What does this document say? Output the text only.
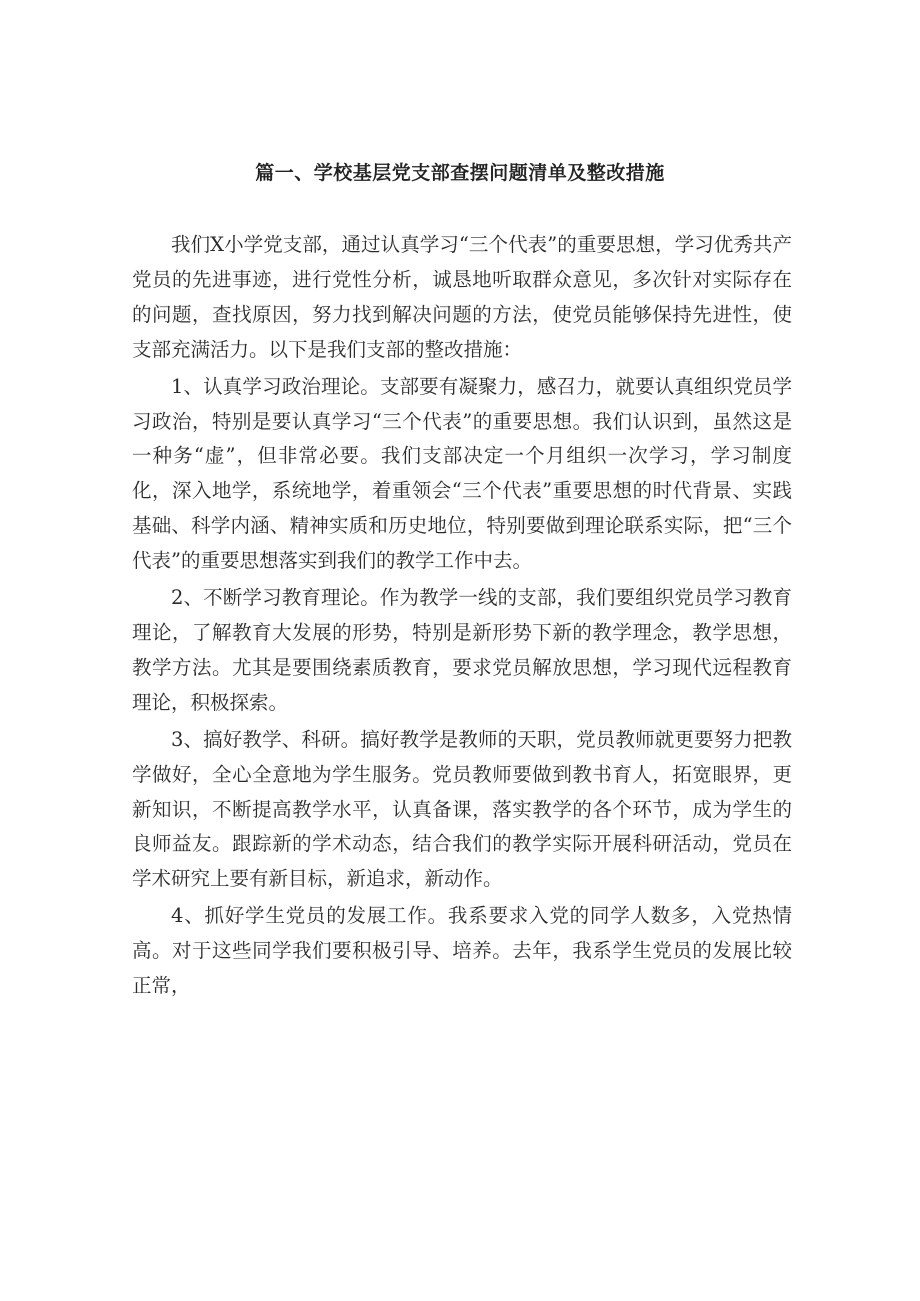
篇一、学校基层党支部查摆问题清单及整改措施

我们X小学党支部，通过认真学习“三个代表”的重要思想，学习优秀共产党员的先进事迹，进行党性分析，诚恳地听取群众意见，多次针对实际存在的问题，查找原因，努力找到解决问题的方法，使党员能够保持先进性，使支部充满活力。以下是我们支部的整改措施：

1、认真学习政治理论。支部要有凝聚力，感召力，就要认真组织党员学习政治，特别是要认真学习“三个代表”的重要思想。我们认识到，虽然这是一种务“虚”，但非常必要。我们支部决定一个月组织一次学习，学习制度化，深入地学，系统地学，着重领会“三个代表”重要思想的时代背景、实践基础、科学内涵、精神实质和历史地位，特别要做到理论联系实际，把“三个代表”的重要思想落实到我们的教学工作中去。

2、不断学习教育理论。作为教学一线的支部，我们要组织党员学习教育理论，了解教育大发展的形势，特别是新形势下新的教学理念，教学思想，教学方法。尤其是要围绕素质教育，要求党员解放思想，学习现代远程教育理论，积极探索。

3、搞好教学、科研。搞好教学是教师的天职，党员教师就更要努力把教学做好，全心全意地为学生服务。党员教师要做到教书育人，拓宽眼界，更新知识，不断提高教学水平，认真备课，落实教学的各个环节，成为学生的良师益友。跟踪新的学术动态，结合我们的教学实际开展科研活动，党员在学术研究上要有新目标，新追求，新动作。

4、抓好学生党员的发展工作。我系要求入党的同学人数多，入党热情高。对于这些同学我们要积极引导、培养。去年，我系学生党员的发展比较正常，
